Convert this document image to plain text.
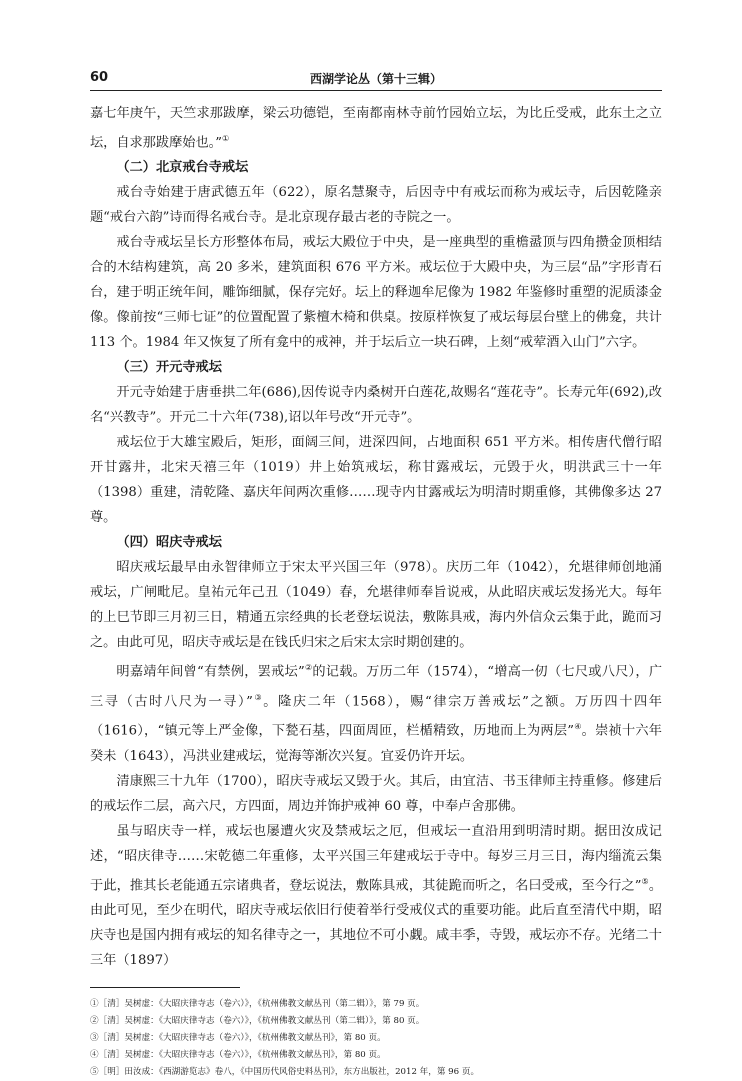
60	西湖学论丛（第十三辑）

嘉七年庚午，天竺求那跋摩，梁云功德铠，至南都南林寺前竹园始立坛，为比丘受戒，此东土之立坛，自求那跋摩始也。”①

（二）北京戒台寺戒坛

戒台寺始建于唐武德五年（622），原名慧聚寺，后因寺中有戒坛而称为戒坛寺，后因乾隆亲题“戒台六韵”诗而得名戒台寺。是北京现存最古老的寺院之一。

戒台寺戒坛呈长方形整体布局，戒坛大殿位于中央，是一座典型的重檐盝顶与四角攒金顶相结合的木结构建筑，高 20 多米，建筑面积 676 平方米。戒坛位于大殿中央，为三层“品”字形青石台，建于明正统年间，雕饰细腻，保存完好。坛上的释迦牟尼像为 1982 年鉴修时重塑的泥质漆金像。像前按“三师七证”的位置配置了紫檀木椅和供桌。按原样恢复了戒坛每层台壁上的佛龛，共计 113 个。1984 年又恢复了所有龛中的戒神，并于坛后立一块石碑，上刻“戒荤酒入山门”六字。

（三）开元寺戒坛

开元寺始建于唐垂拱二年(686),因传说寺内桑树开白莲花,故赐名“莲花寺”。长寿元年(692),改名“兴教寺”。开元二十六年(738),诏以年号改“开元寺”。

戒坛位于大雄宝殿后，矩形，面阔三间，进深四间，占地面积 651 平方米。相传唐代僧行昭开甘露井，北宋天禧三年（1019）井上始筑戒坛，称甘露戒坛，元毁于火，明洪武三十一年（1398）重建，清乾隆、嘉庆年间两次重修……现寺内甘露戒坛为明清时期重修，其佛像多达 27 尊。

（四）昭庆寺戒坛

昭庆戒坛最早由永智律师立于宋太平兴国三年（978）。庆历二年（1042），允堪律师创地涌戒坛，广闸毗尼。皇祐元年己丑（1049）春，允堪律师奉旨说戒，从此昭庆戒坛发扬光大。每年的上巳节即三月初三日，精通五宗经典的长老登坛说法，敷陈具戒，海内外信众云集于此，跪而习之。由此可见，昭庆寺戒坛是在钱氏归宋之后宋太宗时期创建的。

明嘉靖年间曾“有禁例，罢戒坛”②的记载。万历二年（1574），“增高一仞（七尺或八尺），广三寻（古时八尺为一寻）”③。隆庆二年（1568），赐“律宗万善戒坛”之额。万历四十四年（1616），“镇元等上严金像，下甃石基，四面周匝，栏楯精致，历地而上为两层”④。崇祯十六年癸未（1643），冯洪业建戒坛，觉海等渐次兴复。宜妥仍许开坛。

清康熙三十九年（1700），昭庆寺戒坛又毁于火。其后，由宜洁、书玉律师主持重修。修建后的戒坛作二层，高六尺，方四面，周边并饰护戒神 60 尊，中奉卢舍那佛。

虽与昭庆寺一样，戒坛也屡遭火灾及禁戒坛之厄，但戒坛一直沿用到明清时期。据田汝成记述，“昭庆律寺……宋乾德二年重修，太平兴国三年建戒坛于寺中。每岁三月三日，海内缁流云集于此，推其长老能通五宗诸典者，登坛说法，敷陈具戒，其徒跪而听之，名曰受戒，至今行之”⑤。由此可见，至少在明代，昭庆寺戒坛依旧行使着举行受戒仪式的重要功能。此后直至清代中期，昭庆寺也是国内拥有戒坛的知名律寺之一，其地位不可小觑。咸丰季，寺毁，戒坛亦不存。光绪二十三年（1897）

①［清］吴树虚：《大昭庆律寺志（卷六）》，《杭州佛教文献丛刊（第二辑）》，第 79 页。

②［清］吴树虚：《大昭庆律寺志（卷六）》，《杭州佛教文献丛刊（第二辑）》，第 80 页。

③［清］吴树虚：《大昭庆律寺志（卷六）》，《杭州佛教文献丛刊》，第 80 页。

④［清］吴树虚：《大昭庆律寺志（卷六）》，《杭州佛教文献丛刊》，第 80 页。

⑤［明］田汝成：《西湖游览志》卷八，《中国历代风俗史料丛刊》，东方出版社，2012 年，第 96 页。
